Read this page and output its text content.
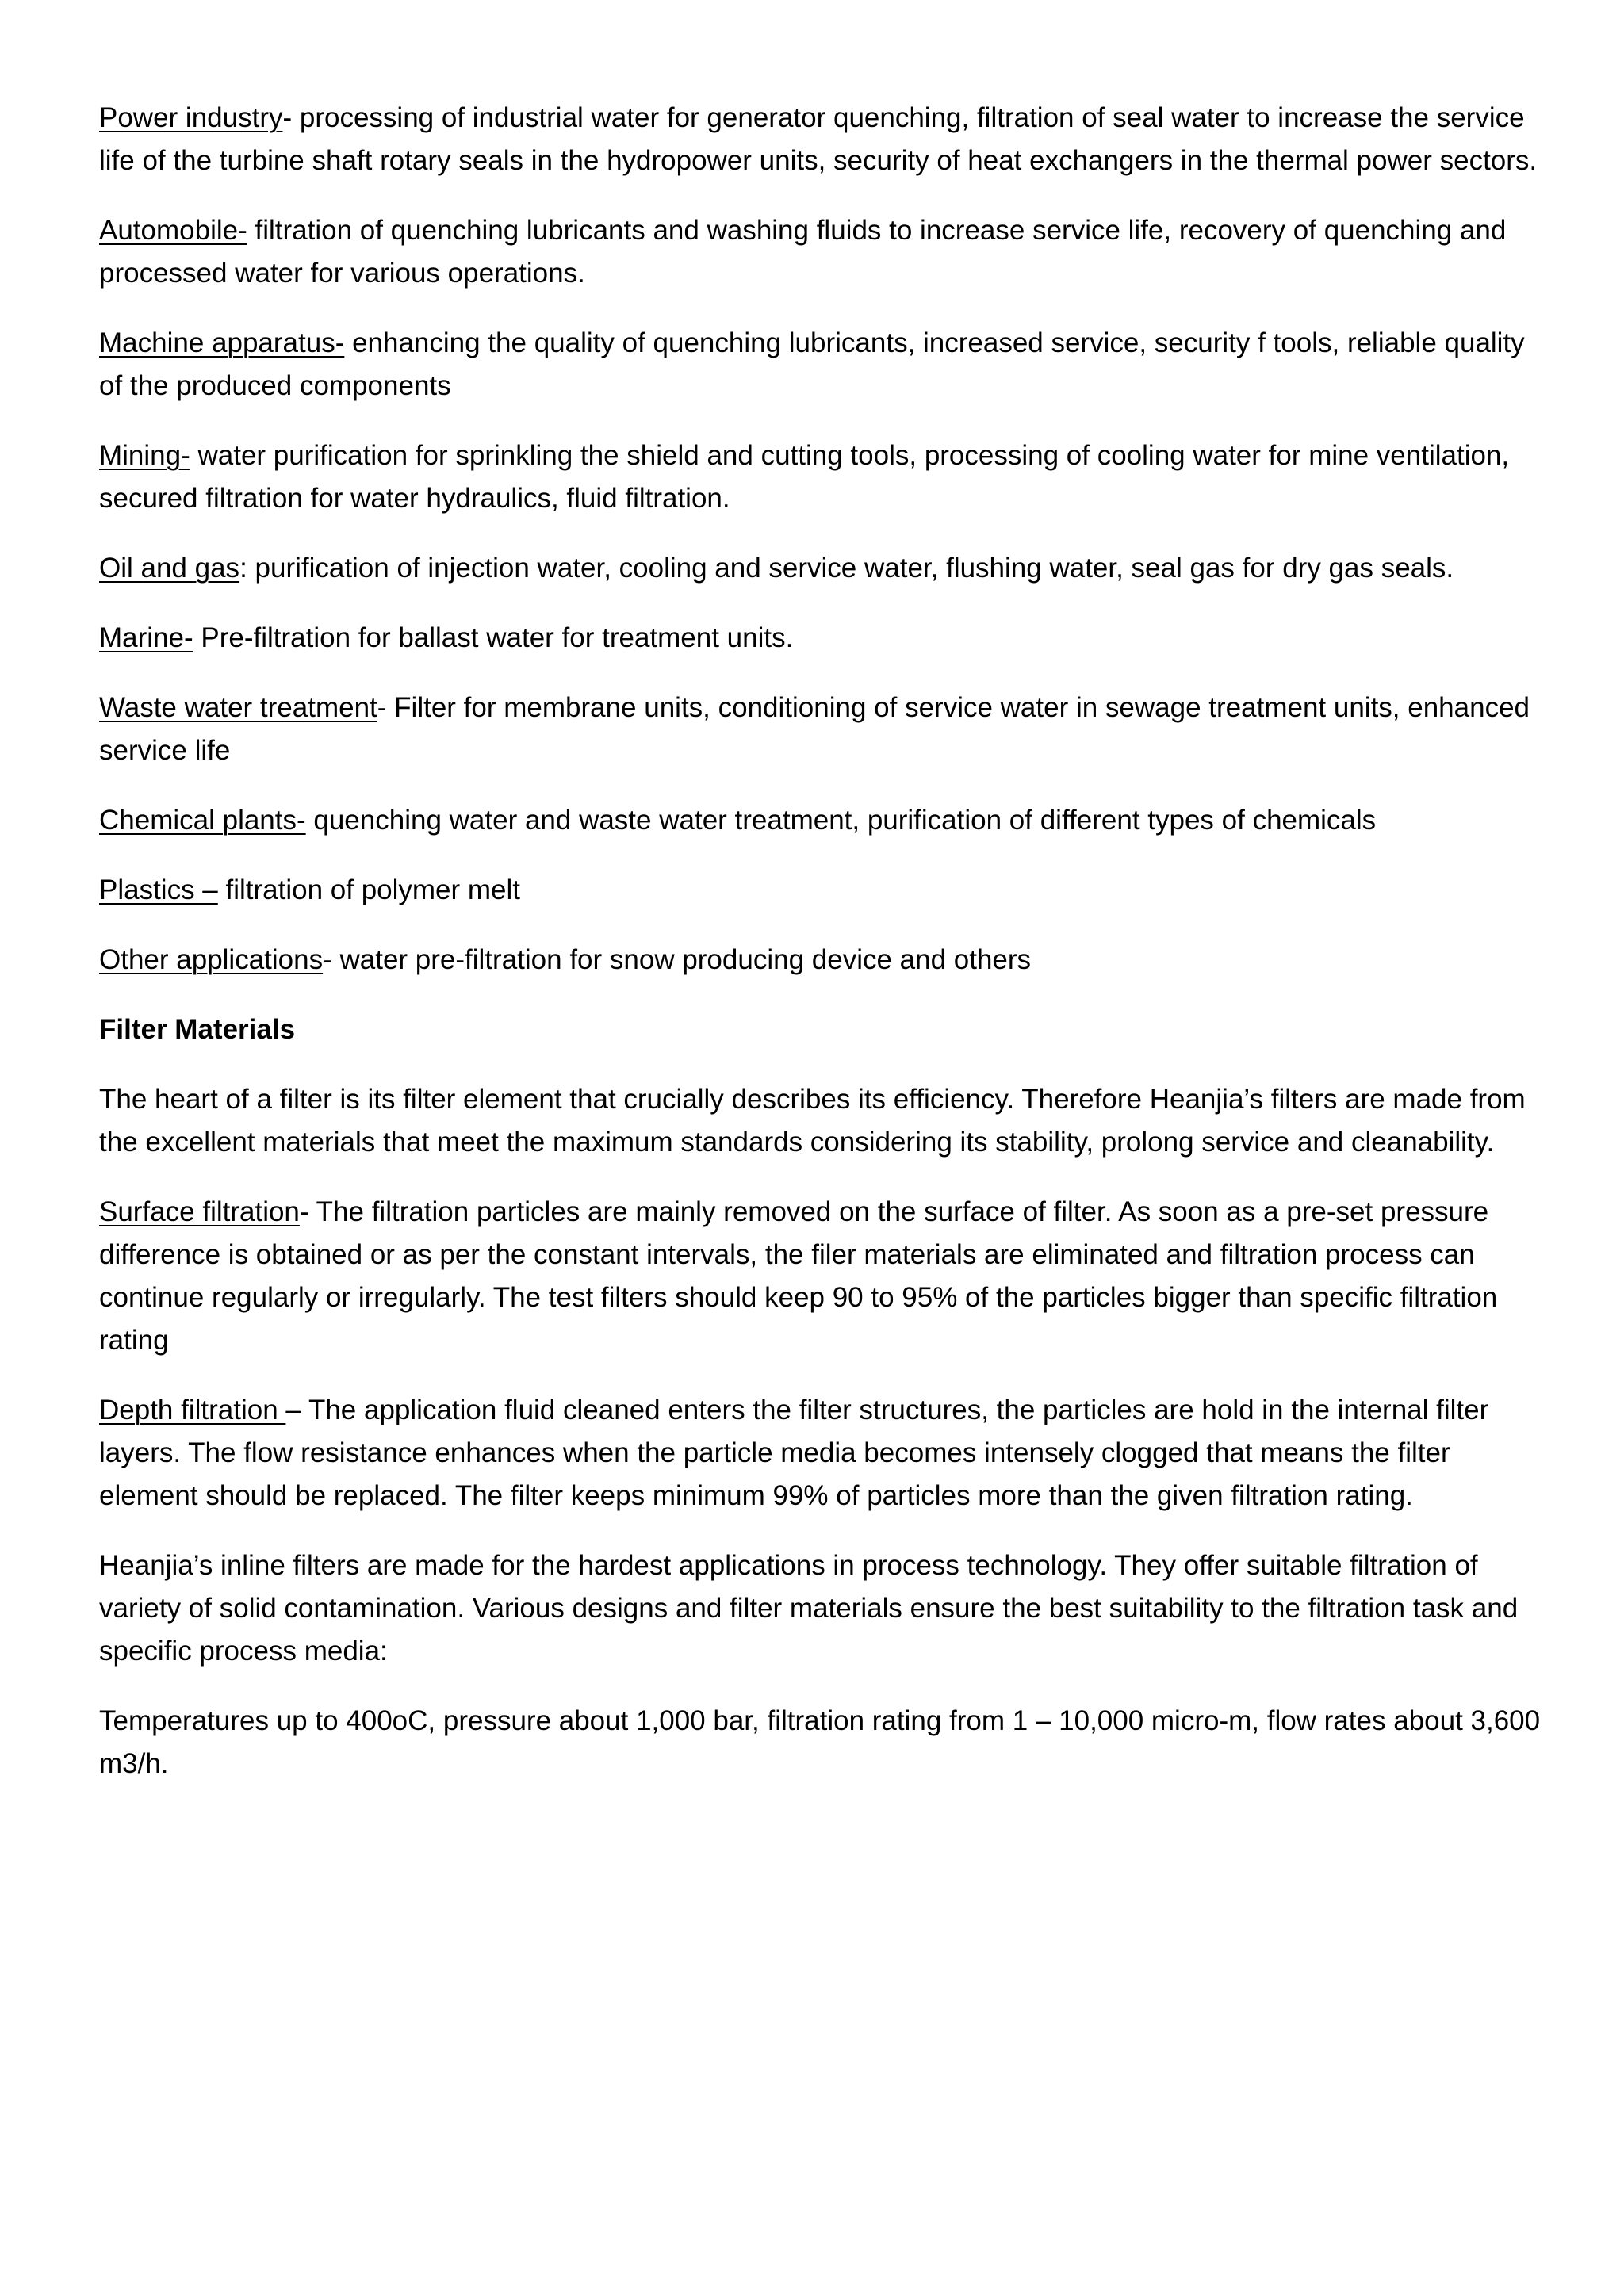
Power industry- processing of industrial water for generator quenching, filtration of seal water to increase the service life of the turbine shaft rotary seals in the hydropower units, security of heat exchangers in the thermal power sectors.

Automobile- filtration of quenching lubricants and washing fluids to increase service life, recovery of quenching and processed water for various operations.

Machine apparatus- enhancing the quality of quenching lubricants, increased service, security f tools, reliable quality of the produced components

Mining- water purification for sprinkling the shield and cutting tools, processing of cooling water for mine ventilation, secured filtration for water hydraulics, fluid filtration.

Oil and gas: purification of injection water, cooling and service water, flushing water, seal gas for dry gas seals.

Marine- Pre-filtration for ballast water for treatment units.

Waste water treatment- Filter for membrane units, conditioning of service water in sewage treatment units, enhanced service life

Chemical plants- quenching water and waste water treatment, purification of different types of chemicals

Plastics – filtration of polymer melt

Other applications- water pre-filtration for snow producing device and others

Filter Materials

The heart of a filter is its filter element that crucially describes its efficiency. Therefore Heanjia’s filters are made from the excellent materials that meet the maximum standards considering its stability, prolong service and cleanability.

Surface filtration- The filtration particles are mainly removed on the surface of filter. As soon as a pre-set pressure difference is obtained or as per the constant intervals, the filer materials are eliminated and filtration process can continue regularly or irregularly. The test filters should keep 90 to 95% of the particles bigger than specific filtration rating

Depth filtration – The application fluid cleaned enters the filter structures, the particles are hold in the internal filter layers. The flow resistance enhances when the particle media becomes intensely clogged that means the filter element should be replaced. The filter keeps minimum 99% of particles more than the given filtration rating.

Heanjia’s inline filters are made for the hardest applications in process technology. They offer suitable filtration of variety of solid contamination. Various designs and filter materials ensure the best suitability to the filtration task and specific process media:

Temperatures up to 400oC, pressure about 1,000 bar, filtration rating from 1 – 10,000 micro-m, flow rates about 3,600 m3/h.
